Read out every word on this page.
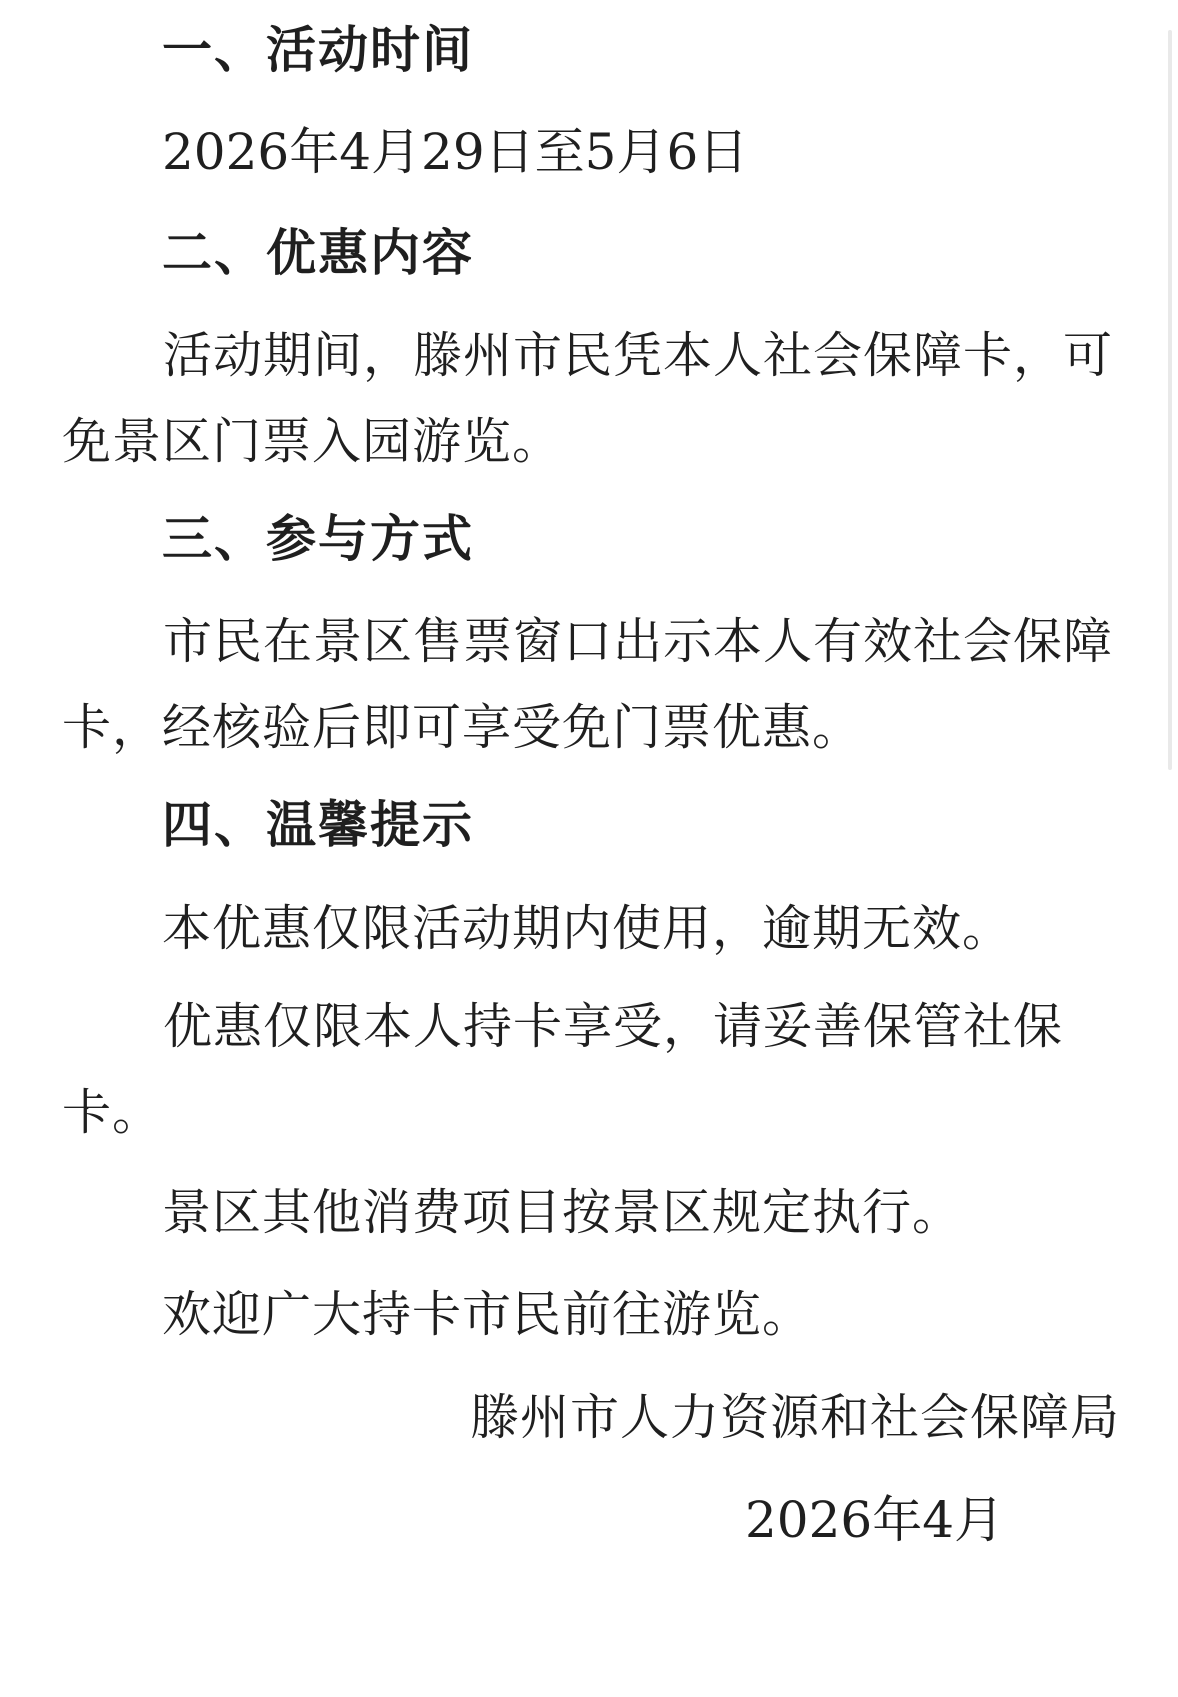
一、活动时间
2026年4月29日至5月6日
二、优惠内容

活动期间，滕州市民凭本人社会保障卡，可免景区门票入园游览。

三、参与方式

市民在景区售票窗口出示本人有效社会保障卡，经核验后即可享受免门票优惠。

四、温馨提示
本优惠仅限活动期内使用，逾期无效。

优惠仅限本人持卡享受，请妥善保管社保卡。

景区其他消费项目按景区规定执行。
欢迎广大持卡市民前往游览。
滕州市人力资源和社会保障局
2026年4月
